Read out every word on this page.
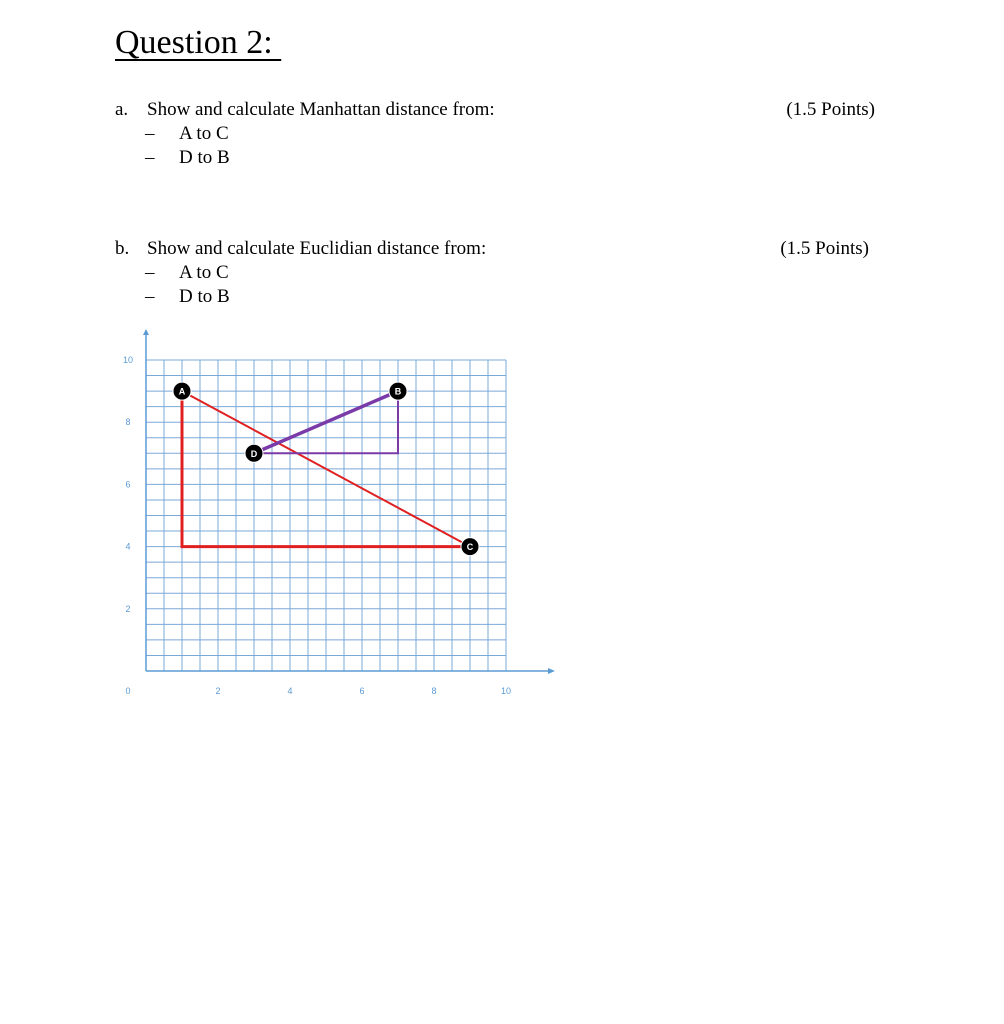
Question 2:
a. Show and calculate Manhattan distance from:	(1.5 Points)
–	A to C
–	D to B
b. Show and calculate Euclidian distance from:	(1.5 Points)
–	A to C
–	D to B
0	2	4	6	8	10
2
4
6
8
10
A	B
C
D
